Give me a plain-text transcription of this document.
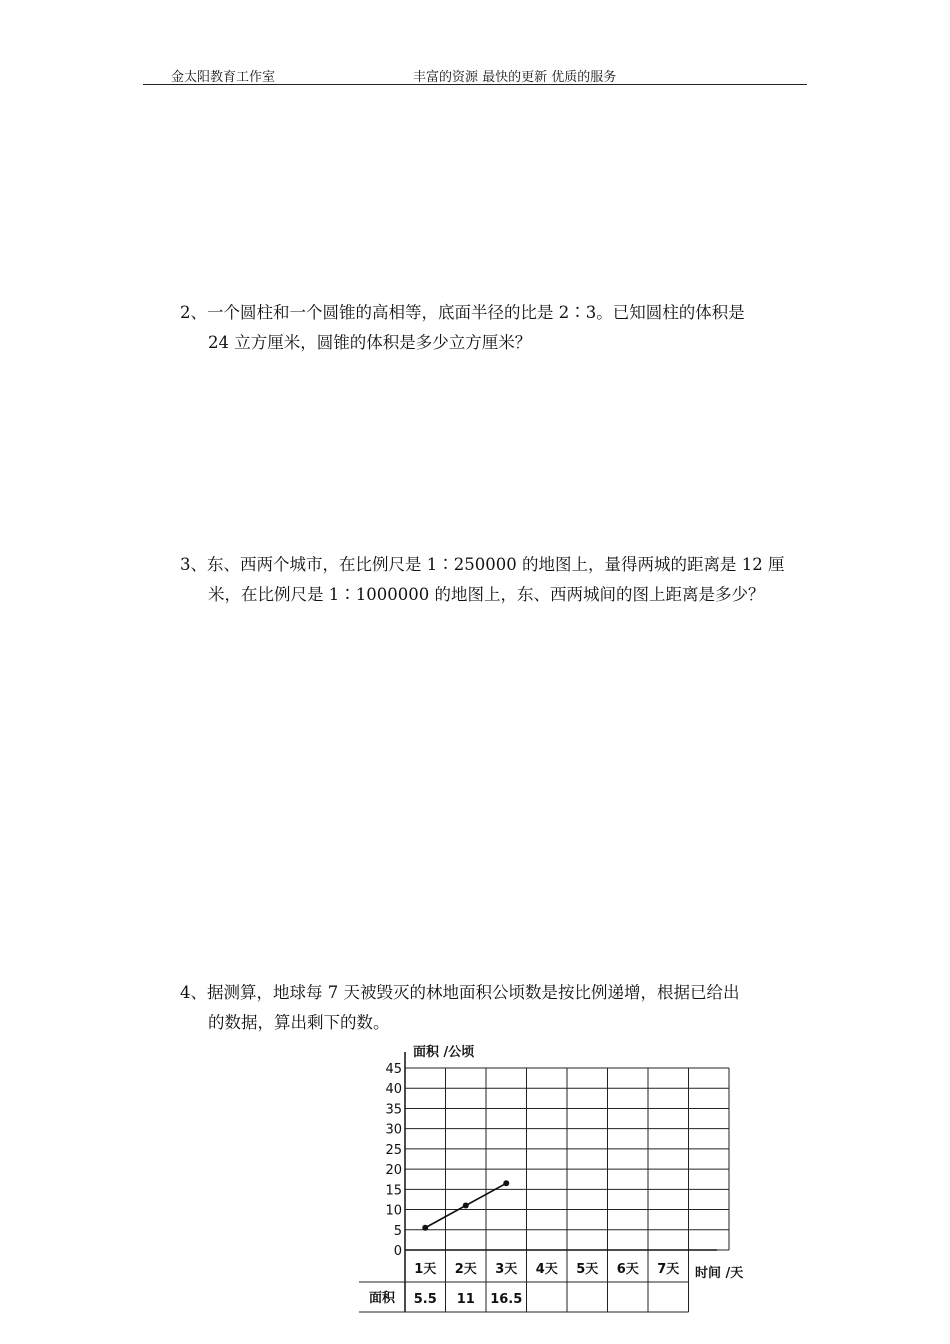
金太阳教育工作室	丰富的资源 最快的更新 优质的服务
2、一个圆柱和一个圆锥的高相等，底面半径的比是 2∶3。已知圆柱的体积是
24 立方厘米，圆锥的体积是多少立方厘米？
3、东、西两个城市，在比例尺是 1∶250000 的地图上，量得两城的距离是 12 厘
米，在比例尺是 1∶1000000 的地图上，东、西两城间的图上距离是多少？
4、据测算，地球每 7 天被毁灭的林地面积公顷数是按比例递增，根据已给出
的数据，算出剩下的数。
0
5
10
15
20
25
30
35
40
45
1天 2天 3天 4天 5天 6天 7天
面积 5.5 11 16.5
面积 /公顷
时间 /天
